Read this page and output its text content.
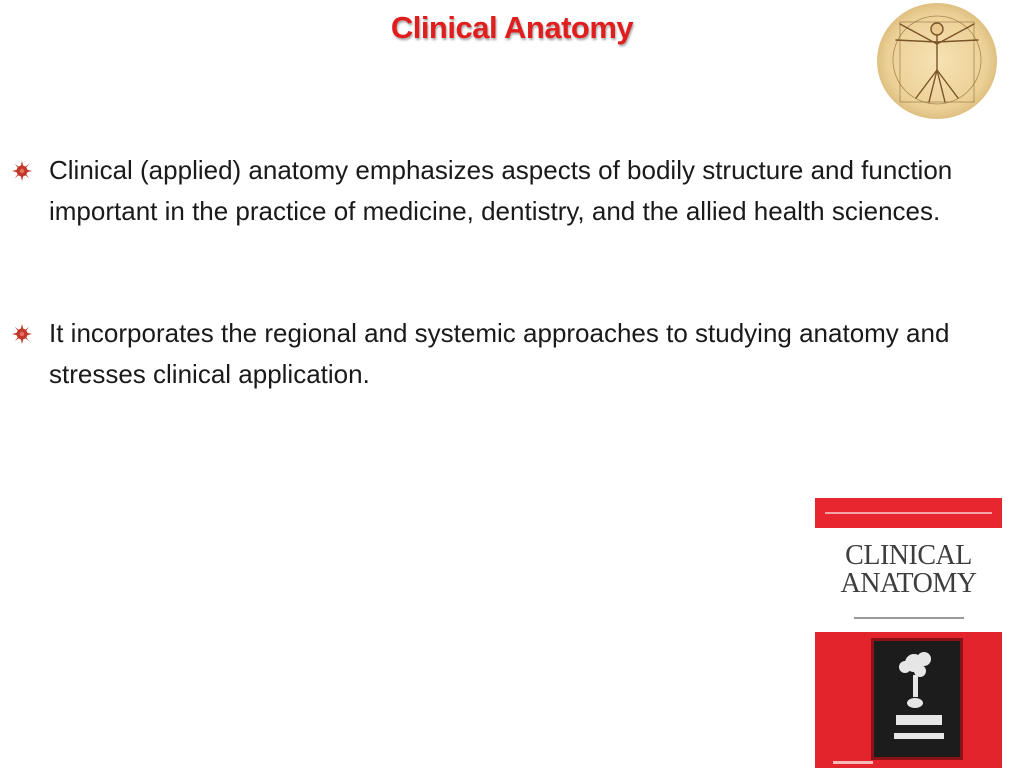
Clinical Anatomy
Clinical (applied) anatomy emphasizes aspects of bodily structure and function important in the practice of medicine, dentistry, and the allied health sciences.
It incorporates the regional and systemic approaches to studying anatomy and stresses clinical application.
CLINICAL
ANATOMY
